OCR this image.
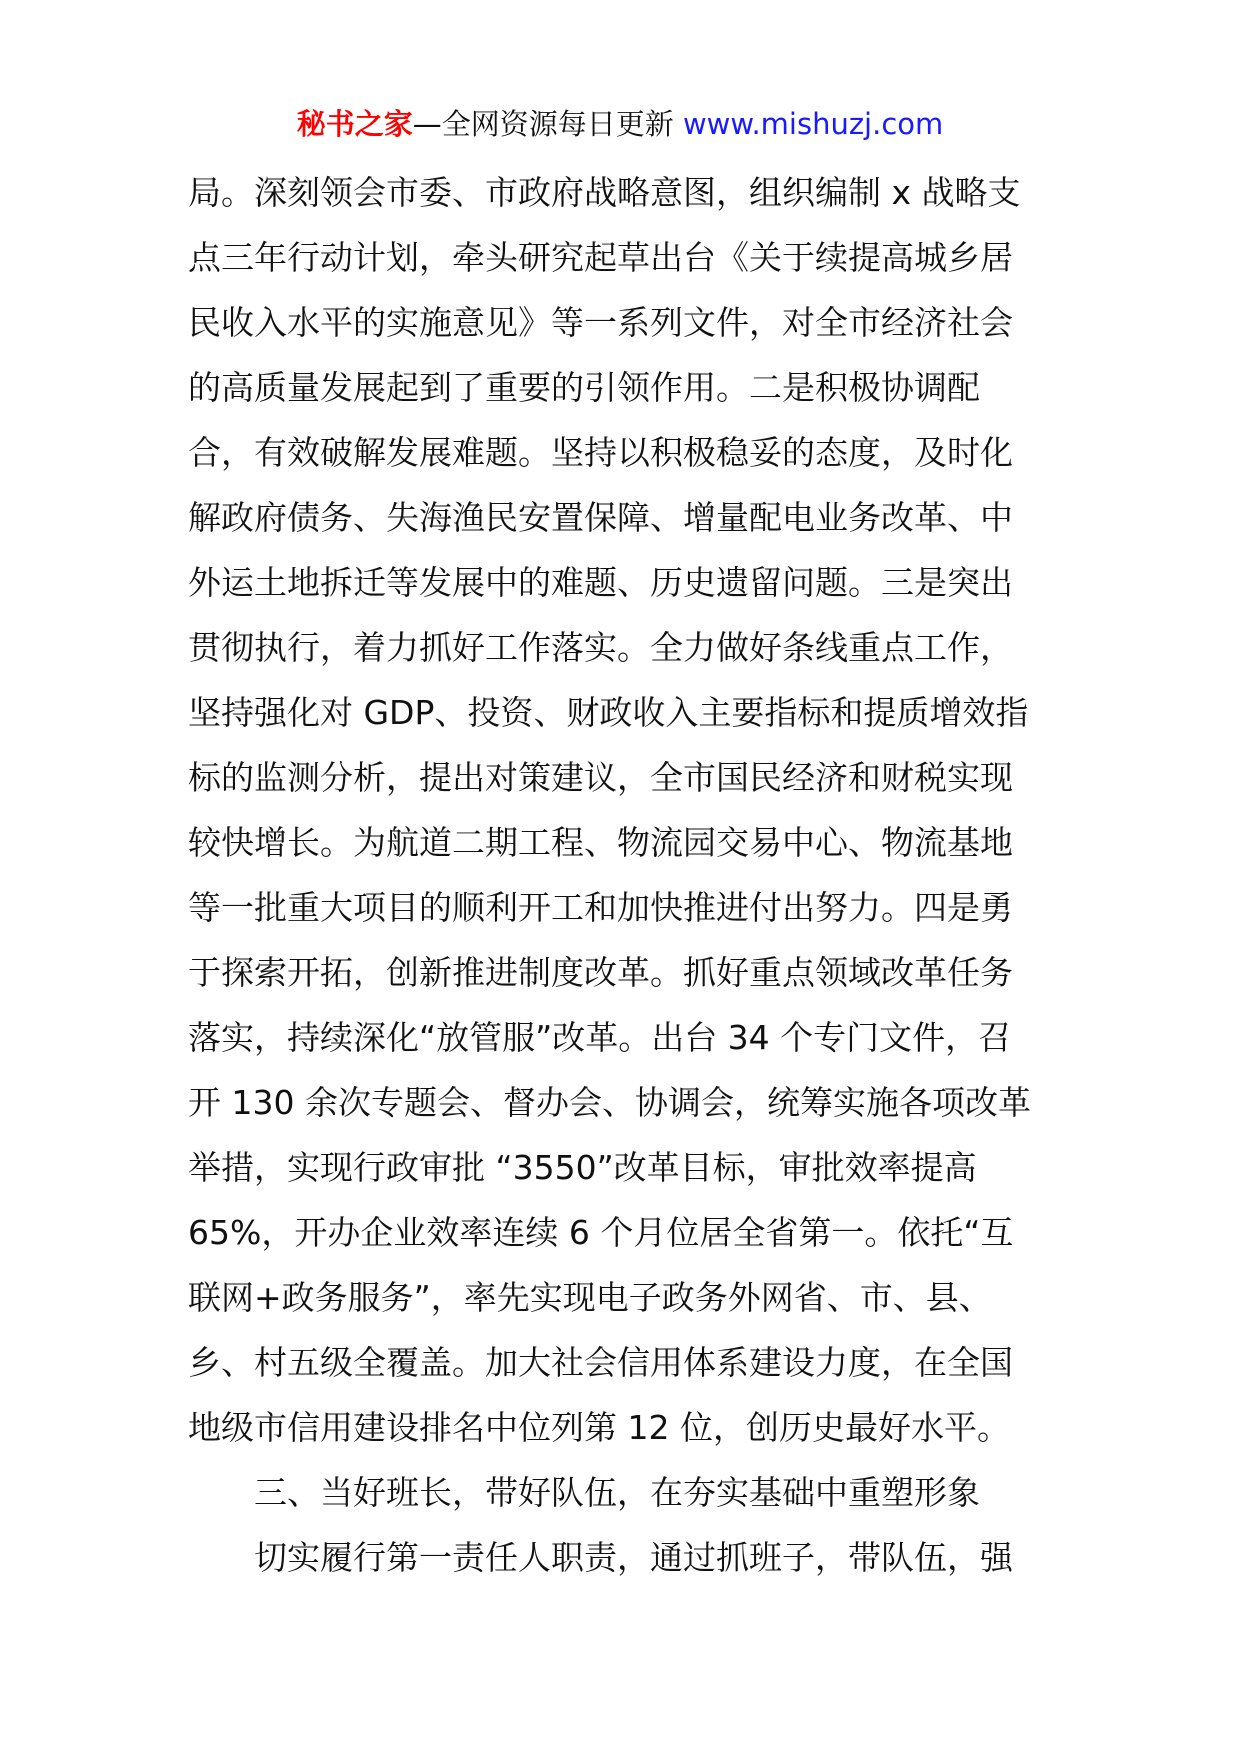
秘书之家—全网资源每日更新 www.mishuzj.com
局。深刻领会市委、市政府战略意图，组织编制 x 战略支
点三年行动计划，牵头研究起草出台《关于续提高城乡居
民收入水平的实施意见》等一系列文件，对全市经济社会
的高质量发展起到了重要的引领作用。二是积极协调配
合，有效破解发展难题。坚持以积极稳妥的态度，及时化
解政府债务、失海渔民安置保障、增量配电业务改革、中
外运土地拆迁等发展中的难题、历史遗留问题。三是突出
贯彻执行，着力抓好工作落实。全力做好条线重点工作，
坚持强化对 GDP、投资、财政收入主要指标和提质增效指
标的监测分析，提出对策建议，全市国民经济和财税实现
较快增长。为航道二期工程、物流园交易中心、物流基地
等一批重大项目的顺利开工和加快推进付出努力。四是勇
于探索开拓，创新推进制度改革。抓好重点领域改革任务
落实，持续深化“放管服”改革。出台 34 个专门文件，召
开 130 余次专题会、督办会、协调会，统筹实施各项改革
举措，实现行政审批 “3550”改革目标，审批效率提高
65%，开办企业效率连续 6 个月位居全省第一。依托“互
联网+政务服务”，率先实现电子政务外网省、市、县、
乡、村五级全覆盖。加大社会信用体系建设力度，在全国
地级市信用建设排名中位列第 12 位，创历史最好水平。
三、当好班长，带好队伍，在夯实基础中重塑形象
切实履行第一责任人职责，通过抓班子，带队伍，强
